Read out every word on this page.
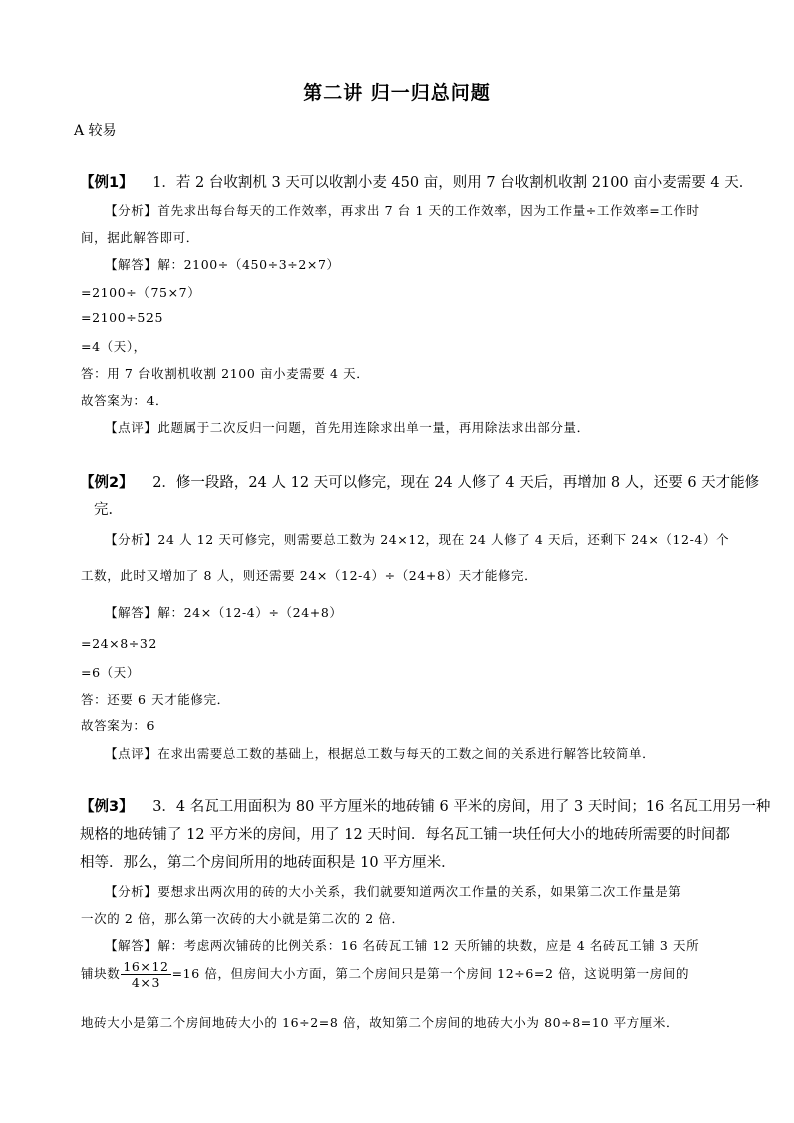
第二讲 归一归总问题
A 较易
【例1】 1．若 2 台收割机 3 天可以收割小麦 450 亩，则用 7 台收割机收割 2100 亩小麦需要 4 天．
【分析】首先求出每台每天的工作效率，再求出 7 台 1 天的工作效率，因为工作量÷工作效率=工作时
间，据此解答即可．
【解答】解：2100÷（450÷3÷2×7）
=2100÷（75×7）
=2100÷525
=4（天），
答：用 7 台收割机收割 2100 亩小麦需要 4 天．
故答案为：4．
【点评】此题属于二次反归一问题，首先用连除求出单一量，再用除法求出部分量．
【例2】 2．修一段路，24 人 12 天可以修完，现在 24 人修了 4 天后，再增加 8 人，还要 6 天才能修
完．
【分析】24 人 12 天可修完，则需要总工数为 24×12，现在 24 人修了 4 天后，还剩下 24×（12-4）个
工数，此时又增加了 8 人，则还需要 24×（12-4）÷（24+8）天才能修完．
【解答】解：24×（12-4）÷（24+8）
=24×8÷32
=6（天）
答：还要 6 天才能修完．
故答案为：6
【点评】在求出需要总工数的基础上，根据总工数与每天的工数之间的关系进行解答比较简单．
【例3】 3．4 名瓦工用面积为 80 平方厘米的地砖铺 6 平米的房间，用了 3 天时间；16 名瓦工用另一种
规格的地砖铺了 12 平方米的房间，用了 12 天时间．每名瓦工铺一块任何大小的地砖所需要的时间都
相等．那么，第二个房间所用的地砖面积是 10 平方厘米．
【分析】要想求出两次用的砖的大小关系，我们就要知道两次工作量的关系，如果第二次工作量是第
一次的 2 倍，那么第一次砖的大小就是第二次的 2 倍．
【解答】解：考虑两次铺砖的比例关系：16 名砖瓦工铺 12 天所铺的块数，应是 4 名砖瓦工铺 3 天所
铺块数 $\frac{16\times 12}{4\times 3} =16$ 倍，但房间大小方面，第二个房间只是第一个房间 12÷6=2 倍，这说明第一房间的
地砖大小是第二个房间地砖大小的 16÷2=8 倍，故知第二个房间的地砖大小为 80÷8=10 平方厘米．
